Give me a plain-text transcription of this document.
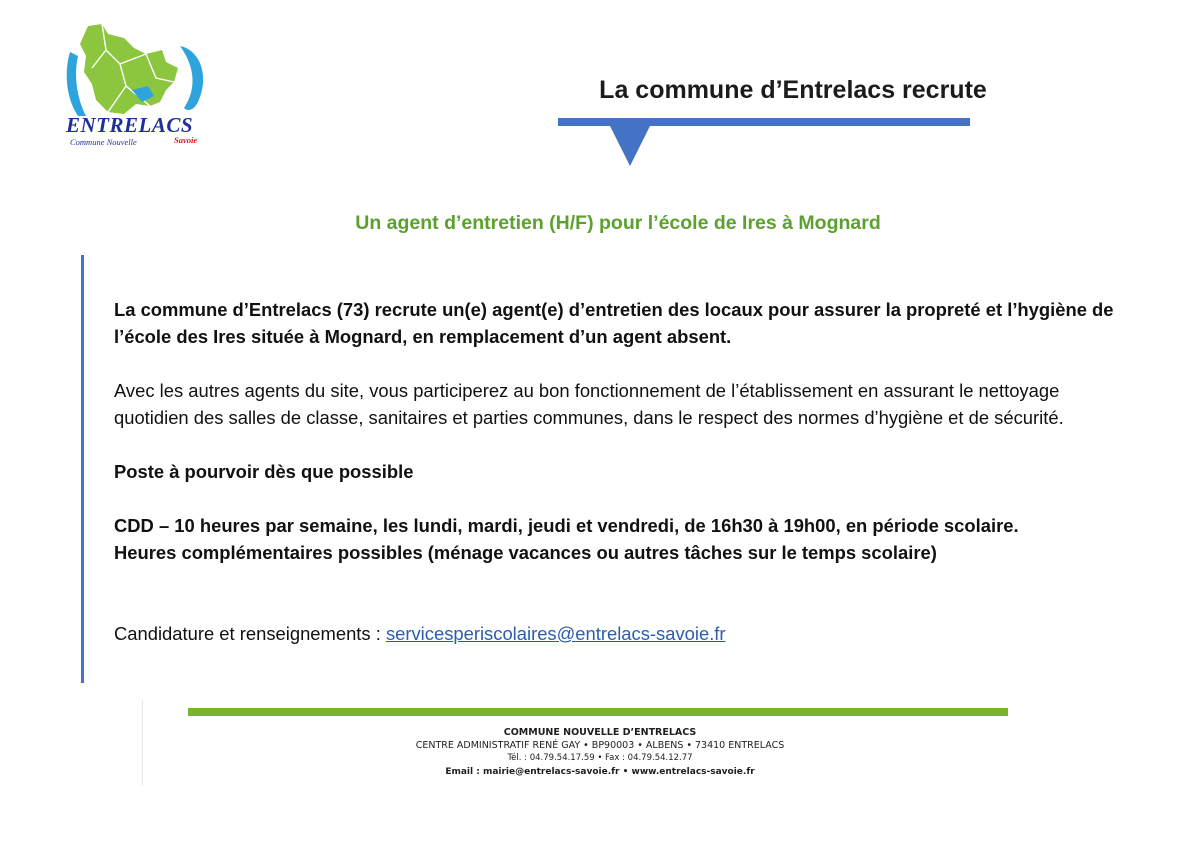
ENTRELACS
Commune Nouvelle	Savoie
La commune d’Entrelacs recrute
Un agent d’entretien (H/F) pour l’école de Ires à Mognard

La commune d’Entrelacs (73) recrute un(e) agent(e) d’entretien des locaux pour assurer la propreté et l’hygiène de l’école des Ires située à Mognard, en remplacement d’un agent absent.

Avec les autres agents du site, vous participerez au bon fonctionnement de l’établissement en assurant le nettoyage quotidien des salles de classe, sanitaires et parties communes, dans le respect des normes d’hygiène et de sécurité.

Poste à pourvoir dès que possible

CDD – 10 heures par semaine, les lundi, mardi, jeudi et vendredi, de 16h30 à 19h00, en période scolaire.
Heures complémentaires possibles (ménage vacances ou autres tâches sur le temps scolaire)

Candidature et renseignements : servicesperiscolaires@entrelacs-savoie.fr

COMMUNE NOUVELLE D’ENTRELACS
CENTRE ADMINISTRATIF RENÉ GAY • BP90003 • ALBENS • 73410 ENTRELACS
Tél. : 04.79.54.17.59 • Fax : 04.79.54.12.77
Email : mairie@entrelacs-savoie.fr • www.entrelacs-savoie.fr
